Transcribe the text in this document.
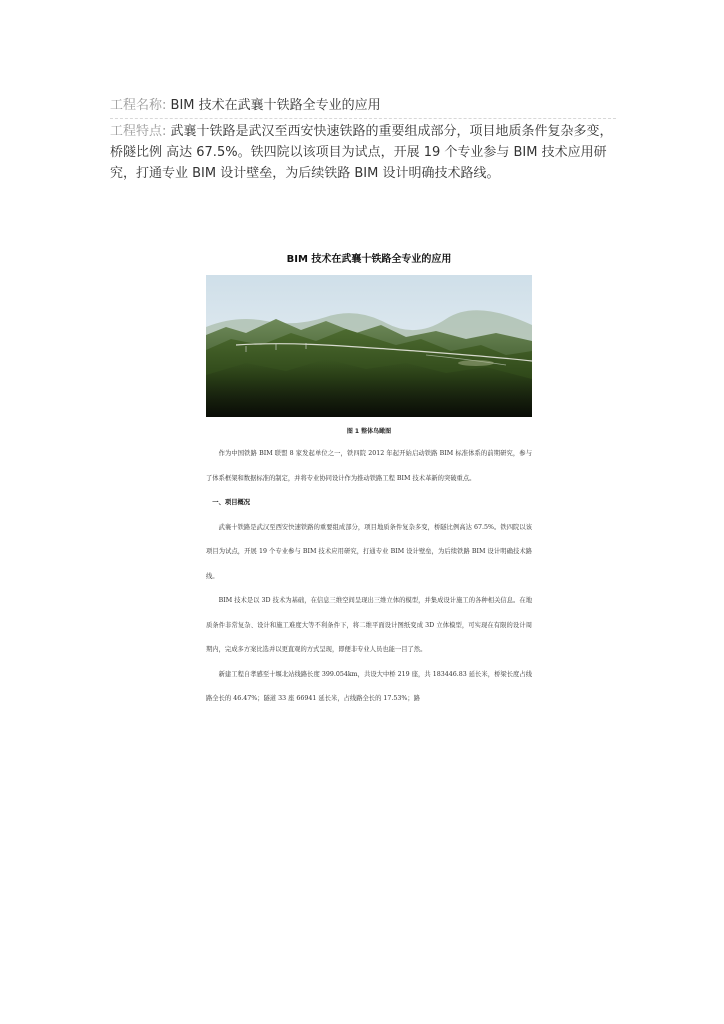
工程名称: BIM 技术在武襄十铁路全专业的应用
工程特点: 武襄十铁路是武汉至西安快速铁路的重要组成部分，项目地质条件复杂多变，桥隧比例 高达 67.5%。铁四院以该项目为试点，开展 19 个专业参与 BIM 技术应用研究，打通专业 BIM 设计壁垒，为后续铁路 BIM 设计明确技术路线。
BIM 技术在武襄十铁路全专业的应用
图 1 整体鸟瞰图

作为中国铁路 BIM 联盟 8 家发起单位之一，铁四院 2012 年起开始启动铁路 BIM 标准体系的前期研究，参与了体系框架和数据标准的制定，并将专业协同设计作为推动铁路工程 BIM 技术革新的突破重点。

一、项目概况

武襄十铁路是武汉至西安快速铁路的重要组成部分，项目地质条件复杂多变，桥隧比例高达 67.5%。铁四院以该项目为试点，开展 19 个专业参与 BIM 技术应用研究，打通专业 BIM 设计壁垒，为后续铁路 BIM 设计明确技术路线。

BIM 技术是以 3D 技术为基础，在信息三维空间呈现出三维立体的模型，并集成设计施工的各种相关信息。在地质条件非常复杂、设计和施工难度大等不利条件下，将二维平面设计图纸变成 3D 立体模型，可实现在有限的设计周期内，完成多方案比选并以更直观的方式呈现，即便非专业人员也能一目了然。

新建工程自孝感至十堰北站线路长度 399.054km，共设大中桥 219 座，共 183446.83 延长米，桥梁长度占线路全长的 46.47%；隧道 33 座 66941 延长米，占线路全长的 17.53%；路
